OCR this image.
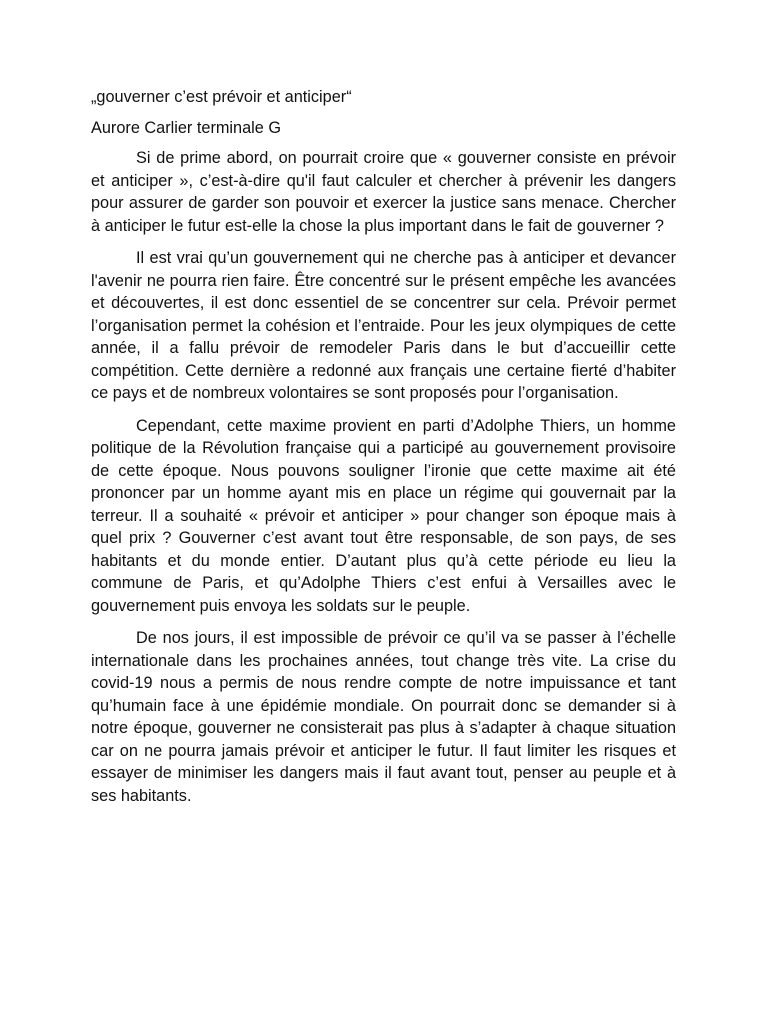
„gouverner c’est prévoir et anticiper“

Aurore Carlier terminale G

Si de prime abord, on pourrait croire que « gouverner consiste en prévoir et anticiper », c’est-à-dire qu'il faut calculer et chercher à prévenir les dangers pour assurer de garder son pouvoir et exercer la justice sans menace. Chercher à anticiper le futur est-elle la chose la plus important dans le fait de gouverner ?

Il est vrai qu’un gouvernement qui ne cherche pas à anticiper et devancer l'avenir ne pourra rien faire. Être concentré sur le présent empêche les avancées et découvertes, il est donc essentiel de se concentrer sur cela. Prévoir permet l’organisation permet la cohésion et l’entraide. Pour les jeux olympiques de cette année, il a fallu prévoir de remodeler Paris dans le but d’accueillir cette compétition. Cette dernière a redonné aux français une certaine fierté d’habiter ce pays et de nombreux volontaires se sont proposés pour l’organisation.

Cependant, cette maxime provient en parti d’Adolphe Thiers, un homme politique de la Révolution française qui a participé au gouvernement provisoire de cette époque. Nous pouvons souligner l’ironie que cette maxime ait été prononcer par un homme ayant mis en place un régime qui gouvernait par la terreur. Il a souhaité « prévoir et anticiper » pour changer son époque mais à quel prix ? Gouverner c’est avant tout être responsable, de son pays, de ses habitants et du monde entier. D’autant plus qu’à cette période eu lieu la commune de Paris, et qu’Adolphe Thiers c’est enfui à Versailles avec le gouvernement puis envoya les soldats sur le peuple.

De nos jours, il est impossible de prévoir ce qu’il va se passer à l’échelle internationale dans les prochaines années, tout change très vite. La crise du covid-19 nous a permis de nous rendre compte de notre impuissance et tant qu’humain face à une épidémie mondiale. On pourrait donc se demander si à notre époque, gouverner ne consisterait pas plus à s’adapter à chaque situation car on ne pourra jamais prévoir et anticiper le futur. Il faut limiter les risques et essayer de minimiser les dangers mais il faut avant tout, penser au peuple et à ses habitants.
